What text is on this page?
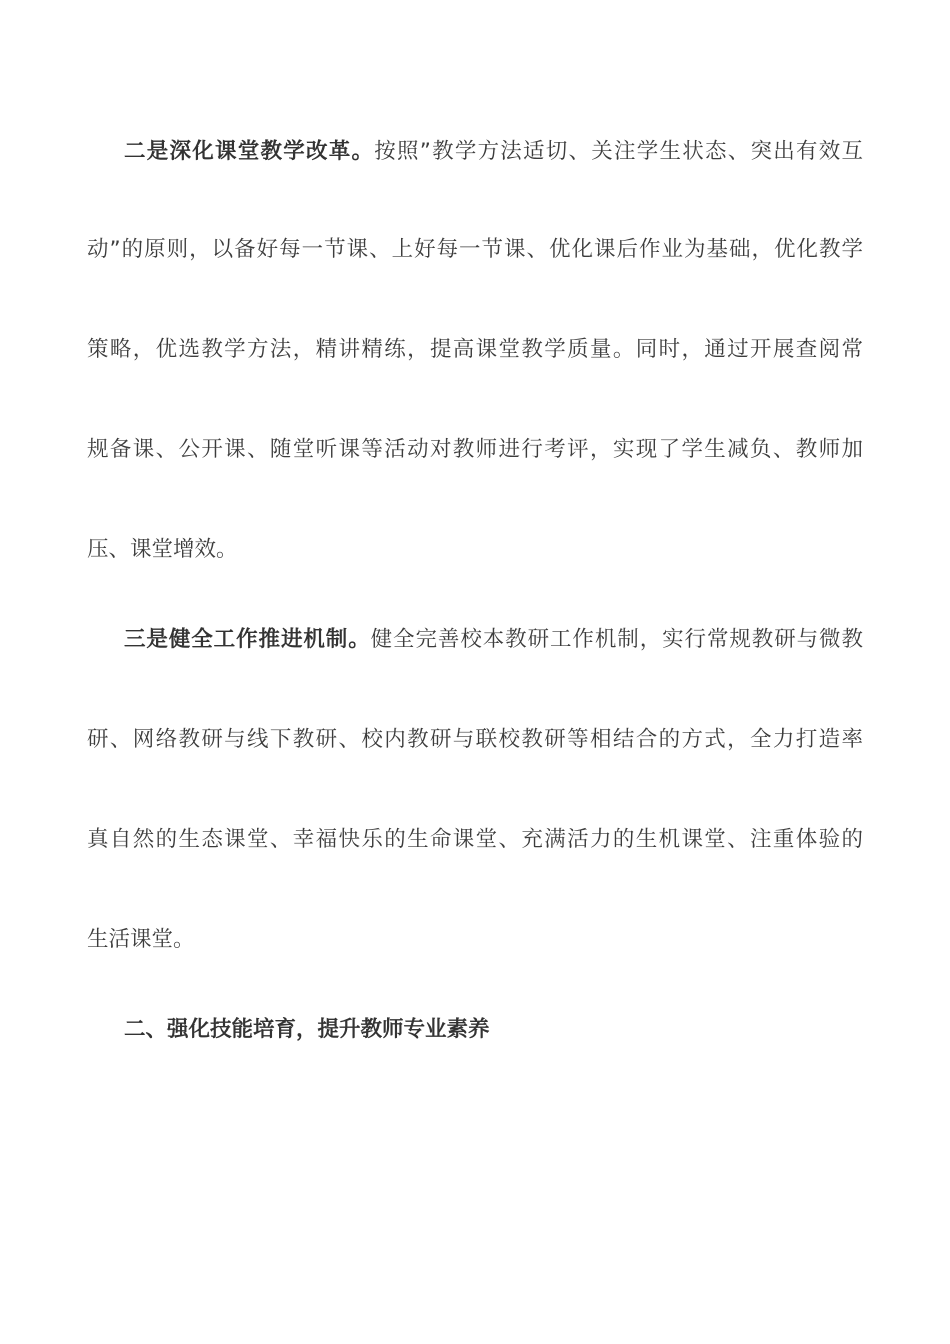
二是深化课堂教学改革。按照”教学方法适切、关注学生状态、突出有效互
动”的原则，以备好每一节课、上好每一节课、优化课后作业为基础，优化教学
策略，优选教学方法，精讲精练，提高课堂教学质量。同时，通过开展查阅常
规备课、公开课、随堂听课等活动对教师进行考评，实现了学生减负、教师加
压、课堂增效。
三是健全工作推进机制。健全完善校本教研工作机制，实行常规教研与微教
研、网络教研与线下教研、校内教研与联校教研等相结合的方式，全力打造率
真自然的生态课堂、幸福快乐的生命课堂、充满活力的生机课堂、注重体验的
生活课堂。
二、强化技能培育，提升教师专业素养
